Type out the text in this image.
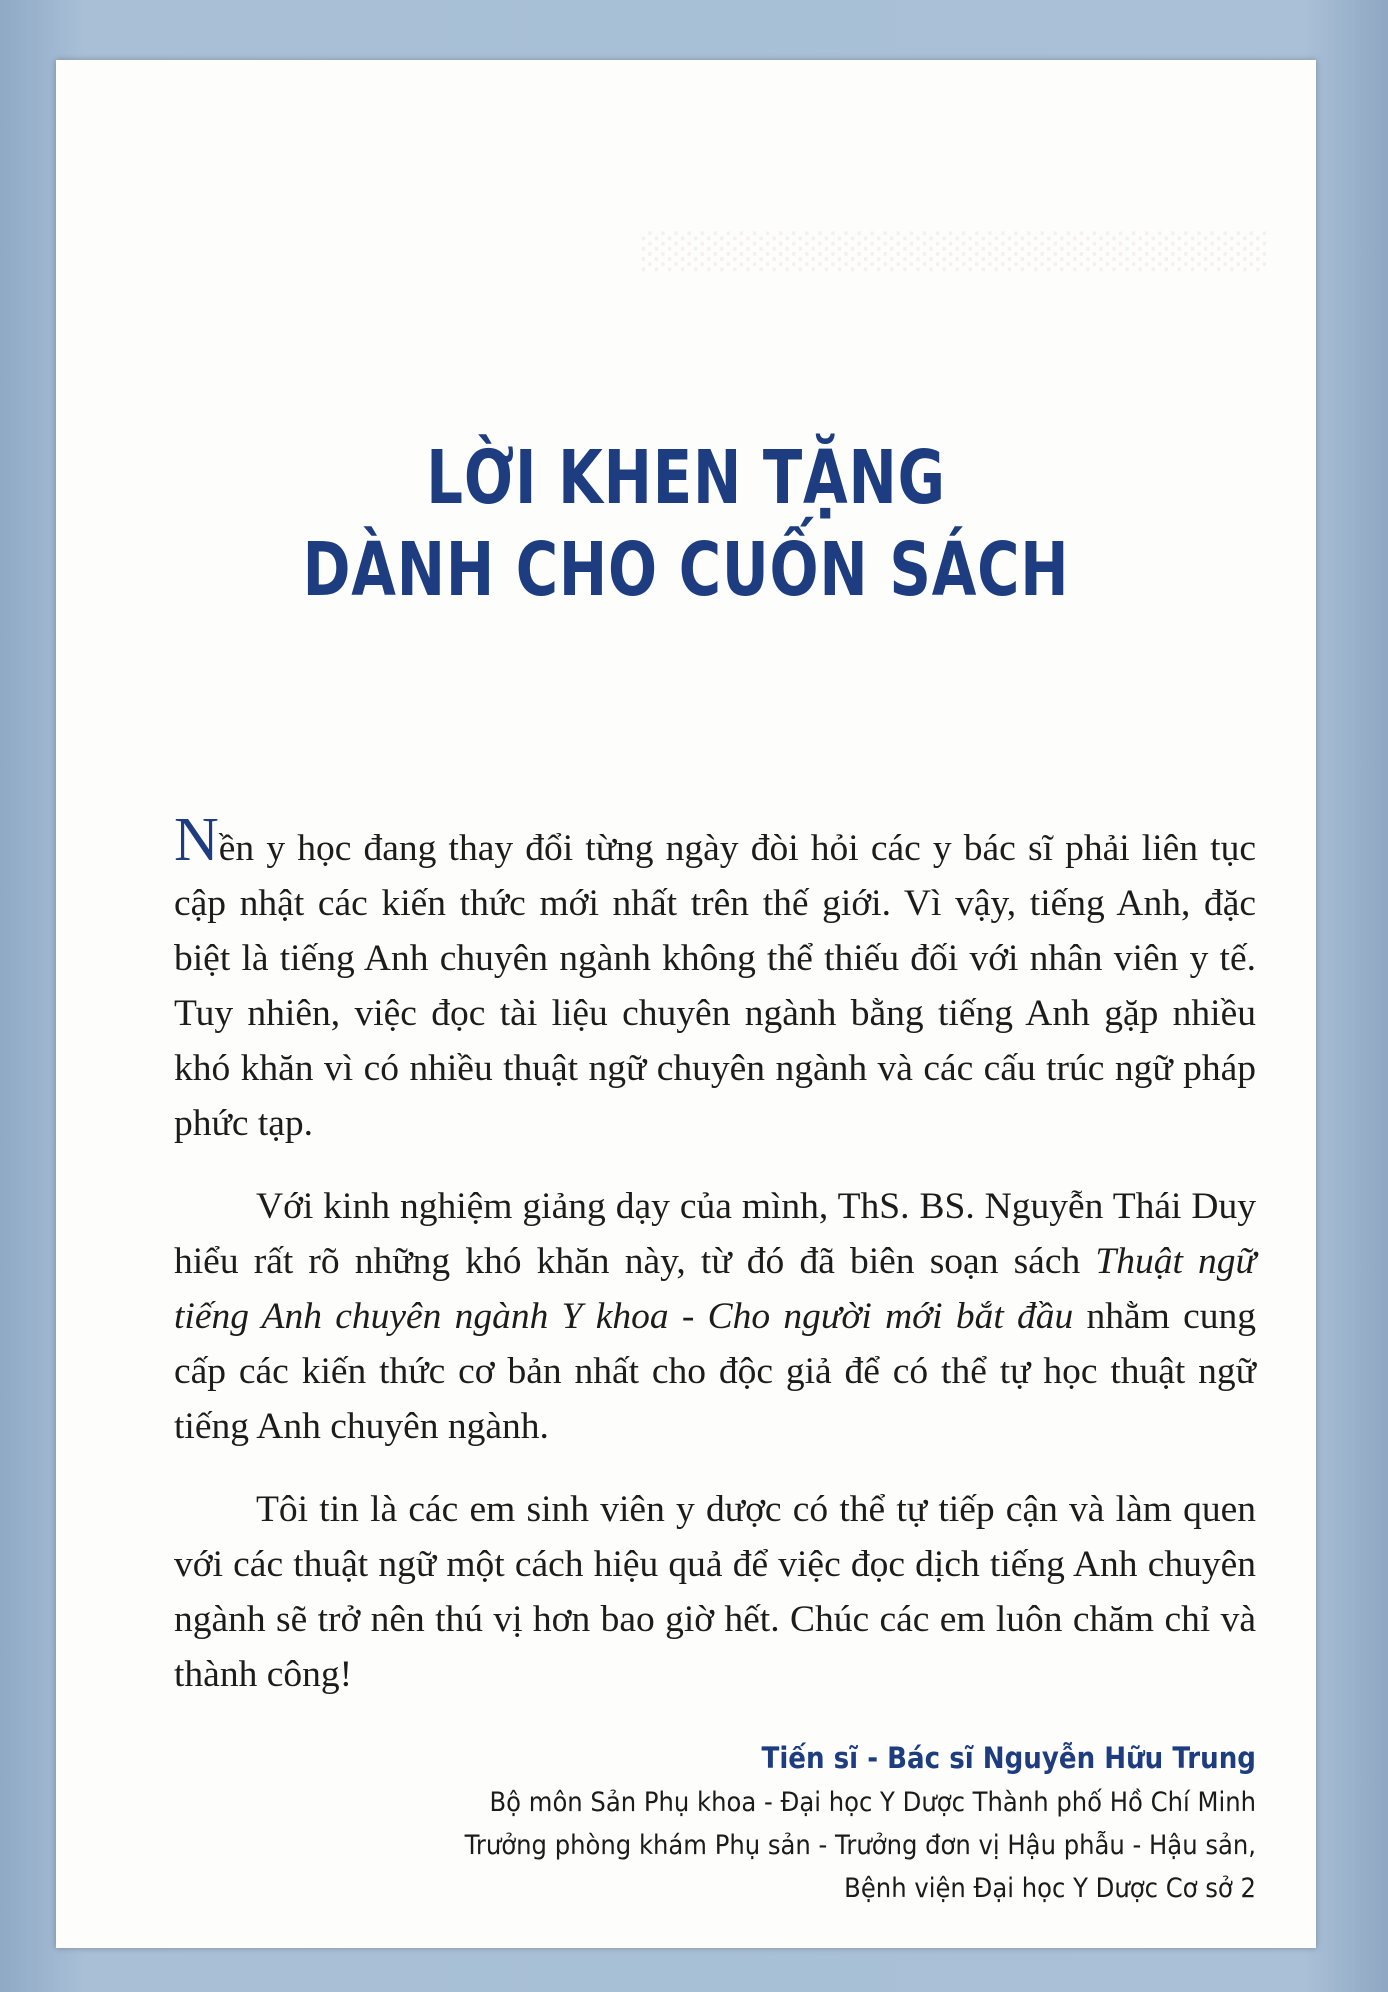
░░░░░░░░░░░░░░░░░░░░░░░░
LỜI KHEN TẶNG
DÀNH CHO CUỐN SÁCH

Nền y học đang thay đổi từng ngày đòi hỏi các y bác sĩ phải liên tục cập nhật các kiến thức mới nhất trên thế giới. Vì vậy, tiếng Anh, đặc biệt là tiếng Anh chuyên ngành không thể thiếu đối với nhân viên y tế. Tuy nhiên, việc đọc tài liệu chuyên ngành bằng tiếng Anh gặp nhiều khó khăn vì có nhiều thuật ngữ chuyên ngành và các cấu trúc ngữ pháp phức tạp.

Với kinh nghiệm giảng dạy của mình, ThS. BS. Nguyễn Thái Duy hiểu rất rõ những khó khăn này, từ đó đã biên soạn sách Thuật ngữ tiếng Anh chuyên ngành Y khoa - Cho người mới bắt đầu nhằm cung cấp các kiến thức cơ bản nhất cho độc giả để có thể tự học thuật ngữ tiếng Anh chuyên ngành.

Tôi tin là các em sinh viên y dược có thể tự tiếp cận và làm quen với các thuật ngữ một cách hiệu quả để việc đọc dịch tiếng Anh chuyên ngành sẽ trở nên thú vị hơn bao giờ hết. Chúc các em luôn chăm chỉ và thành công!

Tiến sĩ - Bác sĩ Nguyễn Hữu Trung
Bộ môn Sản Phụ khoa - Đại học Y Dược Thành phố Hồ Chí Minh
Trưởng phòng khám Phụ sản - Trưởng đơn vị Hậu phẫu - Hậu sản,
Bệnh viện Đại học Y Dược Cơ sở 2
